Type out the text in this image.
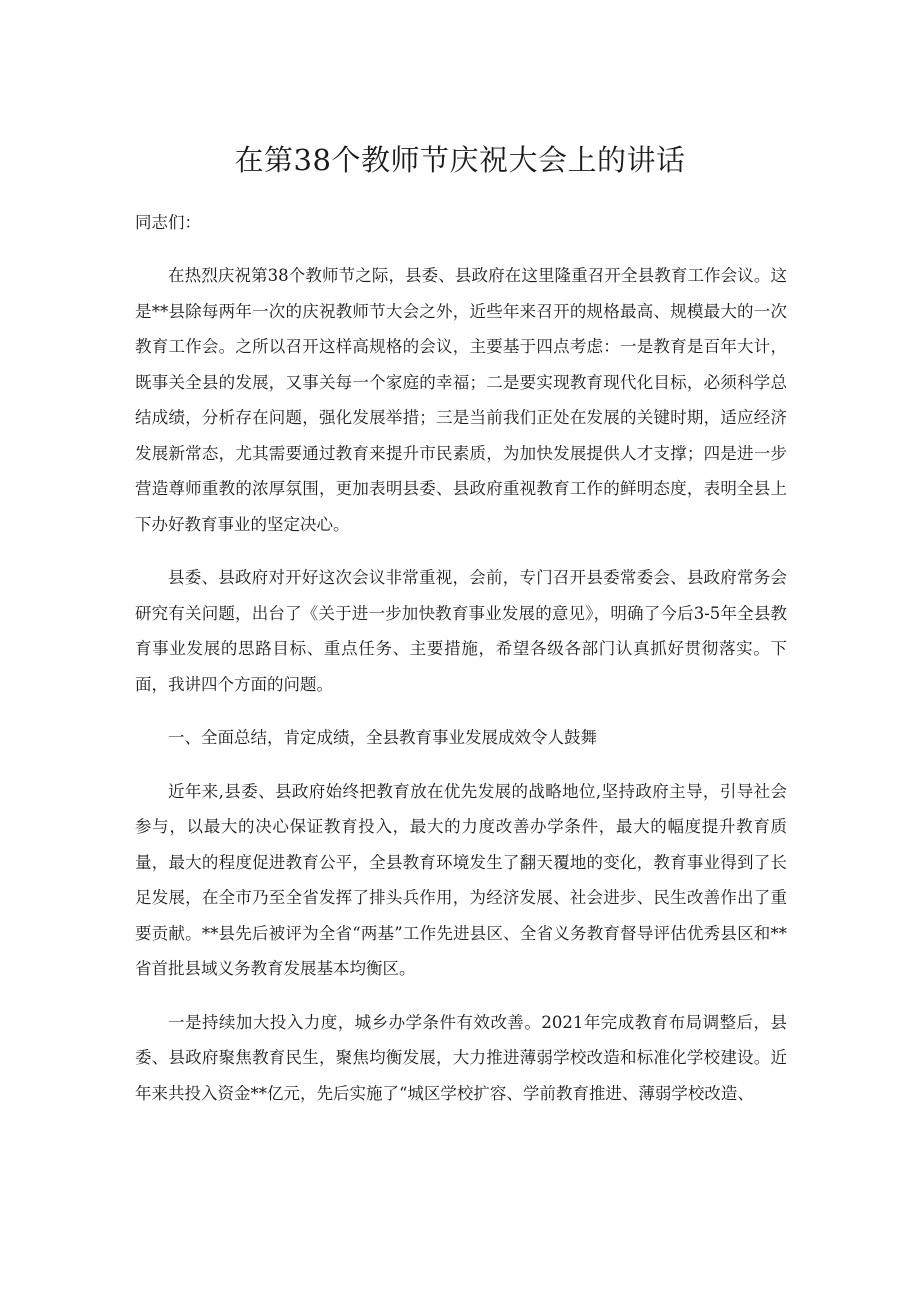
在第38个教师节庆祝大会上的讲话

同志们：

在热烈庆祝第38个教师节之际，县委、县政府在这里隆重召开全县教育工作会议。这是**县除每两年一次的庆祝教师节大会之外，近些年来召开的规格最高、规模最大的一次教育工作会。之所以召开这样高规格的会议，主要基于四点考虑：一是教育是百年大计，既事关全县的发展，又事关每一个家庭的幸福；二是要实现教育现代化目标，必须科学总结成绩，分析存在问题，强化发展举措；三是当前我们正处在发展的关键时期，适应经济发展新常态，尤其需要通过教育来提升市民素质，为加快发展提供人才支撑；四是进一步营造尊师重教的浓厚氛围，更加表明县委、县政府重视教育工作的鲜明态度，表明全县上下办好教育事业的坚定决心。

县委、县政府对开好这次会议非常重视，会前，专门召开县委常委会、县政府常务会研究有关问题，出台了《关于进一步加快教育事业发展的意见》，明确了今后3-5年全县教育事业发展的思路目标、重点任务、主要措施，希望各级各部门认真抓好贯彻落实。下面，我讲四个方面的问题。

一、全面总结，肯定成绩，全县教育事业发展成效令人鼓舞

近年来,县委、县政府始终把教育放在优先发展的战略地位,坚持政府主导，引导社会参与，以最大的决心保证教育投入，最大的力度改善办学条件，最大的幅度提升教育质量，最大的程度促进教育公平，全县教育环境发生了翻天覆地的变化，教育事业得到了长足发展，在全市乃至全省发挥了排头兵作用，为经济发展、社会进步、民生改善作出了重要贡献。**县先后被评为全省“两基”工作先进县区、全省义务教育督导评估优秀县区和**省首批县域义务教育发展基本均衡区。

一是持续加大投入力度，城乡办学条件有效改善。2021年完成教育布局调整后，县委、县政府聚焦教育民生，聚焦均衡发展，大力推进薄弱学校改造和标准化学校建设。近年来共投入资金**亿元，先后实施了“城区学校扩容、学前教育推进、薄弱学校改造、
